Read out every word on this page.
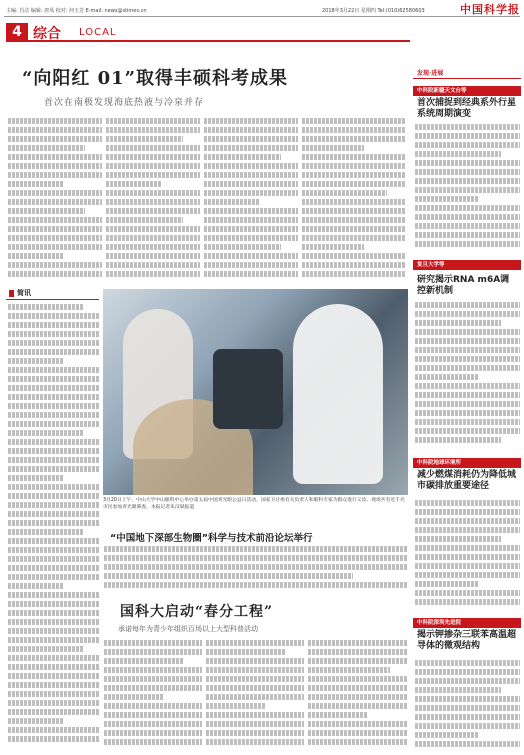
主编: 肖洁 编辑: 唐凤 校对: 何玉芳 E-mail: news@stimes.cn	2018年3月22日 星期四 Tel:(010)62580603	中国科学报
4 综合 LOCAL
“向阳红 01”取得丰硕科考成果
首次在南极发现海底热液与冷泉并存
简讯
3月20日上午，中山大学中山眼科中心举办第五届中国青光眼公益日活动，国家卫计委有关负责人和眼科专家为群众进行义诊。现场共有近千名市民参加青光眼筛查。本报记者朱汉斌报道
“中国地下深部生物圈”科学与技术前沿论坛举行
国科大启动“春分工程”
承诺每年为青少年组织百场以上大型科普活动
发现·进展
中科院新疆天文台等
首次捕捉到经典系外行星系统周期演变
复旦大学等
研究揭示RNA m6A调控新机制
中科院地球环境所
减少燃煤消耗仍为降低城市碳排放重要途径
中科院深圳先进院
揭示钾掺杂三联苯高温超导体的微观结构
